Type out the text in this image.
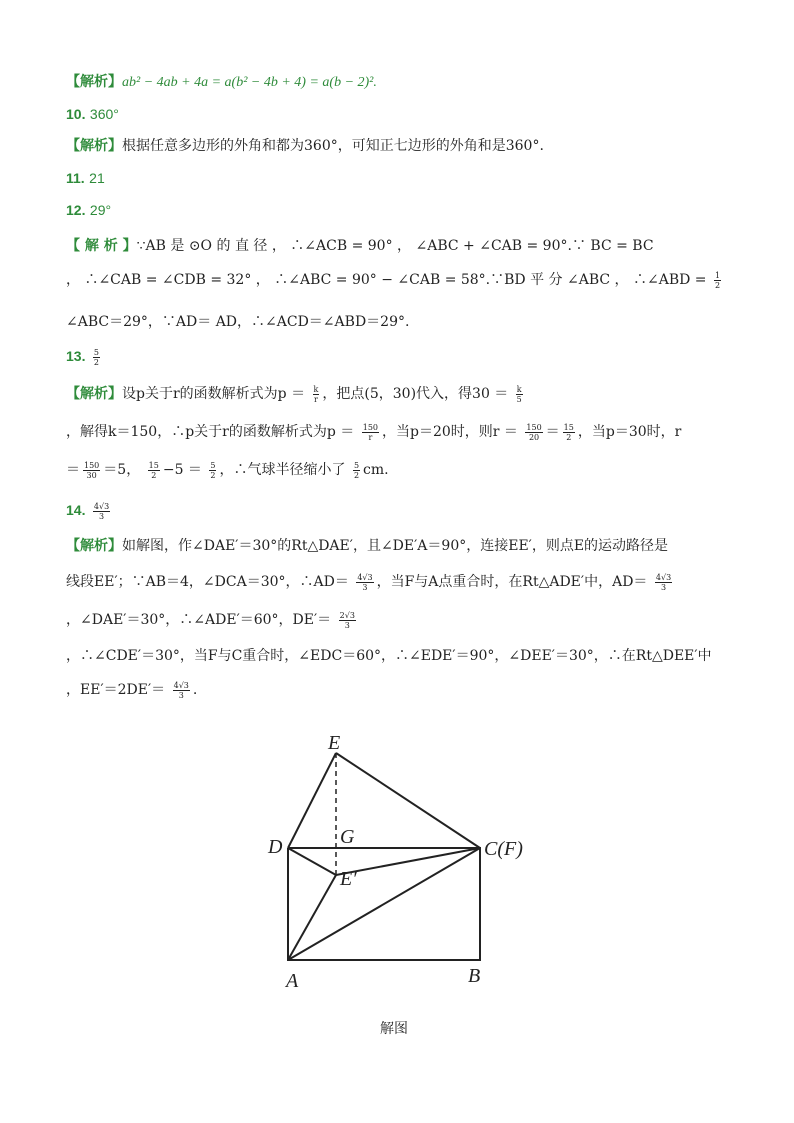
【解析】ab² − 4ab + 4a = a(b² − 4b + 4) = a(b − 2)².
10. 360°
【解析】根据任意多边形的外角和都为360°，可知正七边形的外角和是360°.
11. 21
12. 29°
【 解 析 】∵AB 是 ⊙O 的 直 径 ， ∴∠ACB = 90° ， ∠ABC + ∠CAB = 90°.∵ BC = BC
， ∴∠CAB = ∠CDB = 32° ， ∴∠ABC = 90° − ∠CAB = 58°.∵BD 平 分 ∠ABC ， ∴∠ABD = $\frac{1}{2}$
∠ABC＝29°，∵AD＝ AD，∴∠ACD＝∠ABD＝29°.
13. $\frac{5}{2}$
【解析】设p关于r的函数解析式为$p = \frac{k}{r}$ ，把点(5，30)代入，得$30 = \frac{k}{5}$
，解得k＝150，∴p关于r的函数解析式为$p = \frac{150}{r}$ ，当p＝20时，则$r = \frac{150}{20} = \frac{15}{2}$ ，当p＝30时，r
＝ $\frac{150}{30} =5$， $\frac{15}{2} -5 = \frac{5}{2}$ ，∴气球半径缩小了 $\frac{5}{2}$ cm.
14. $\frac{4√3}{3}$
【解析】如解图，作∠DAE′＝30°的Rt△DAE′，且∠DE′A＝90°，连接EE′，则点E的运动路径是
线段EE′；∵AB＝4，∠DCA＝30°，∴AD＝ $\frac{4√3}{3}$ ，当F与A点重合时，在Rt△ADE′中，$AD= \frac{4√3}{3}$
，∠DAE′＝30°，∴∠ADE′＝60°，$DE'= \frac{2√3}{3}$
，∴∠CDE′＝30°，当F与C重合时，∠EDC＝60°，∴∠EDE′＝90°，∠DEE′＝30°，∴在Rt△DEE′中
，$EE'=2DE'= \frac{4√3}{3}$ .
E
D	G
C(F)
E′
A	B
解图
